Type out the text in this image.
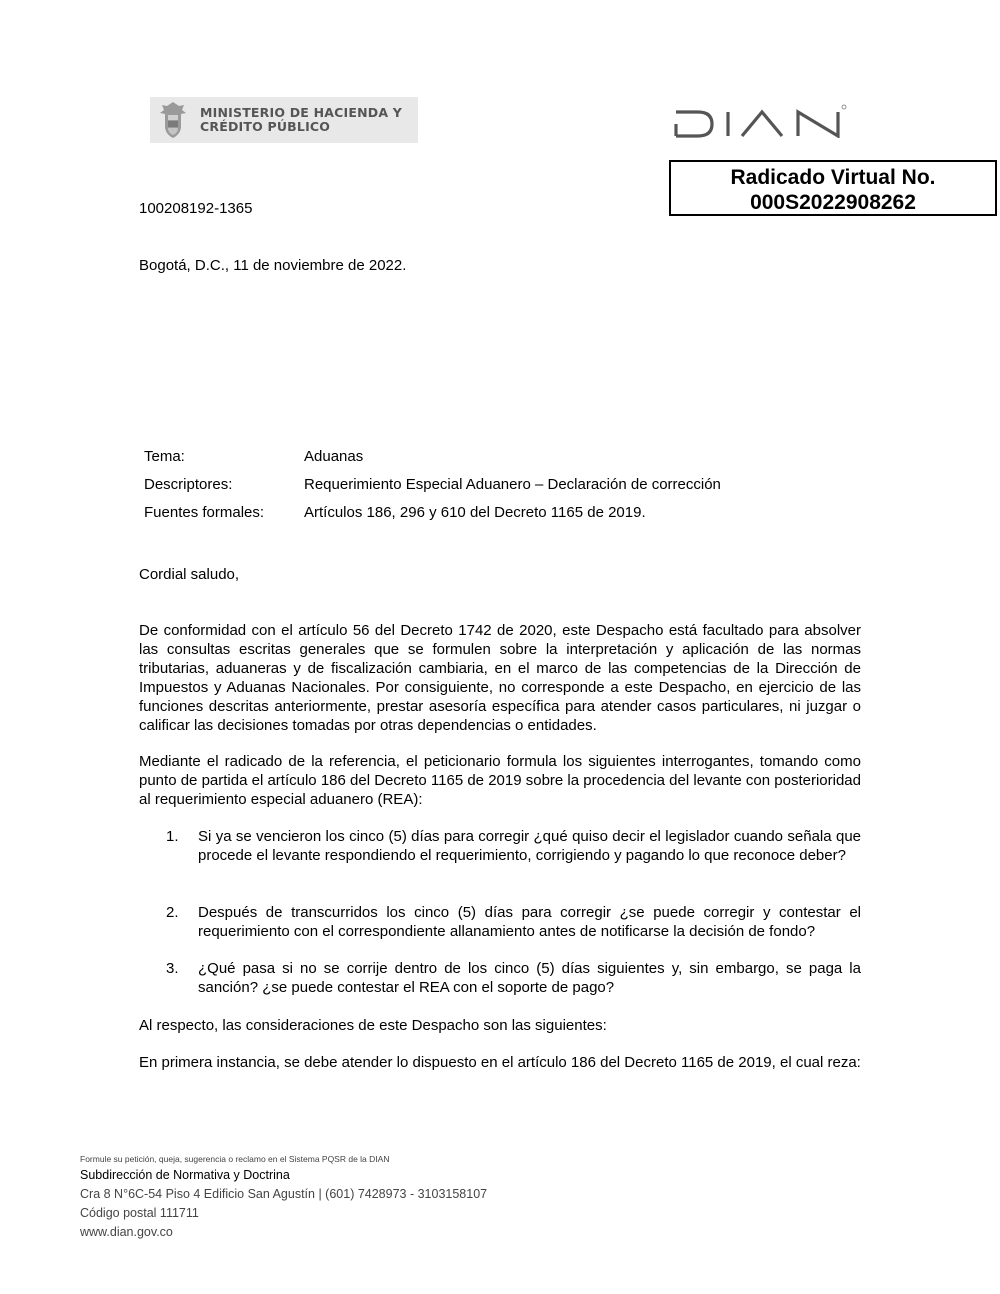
MINISTERIO DE HACIENDA Y
CRÉDITO PÚBLICO
Radicado Virtual No.
000S2022908262
100208192-1365
Bogotá, D.C., 11 de noviembre de 2022.
Tema:	Aduanas
Descriptores:	Requerimiento Especial Aduanero – Declaración de corrección
Fuentes formales:	Artículos 186, 296 y 610 del Decreto 1165 de 2019.
Cordial saludo,
De conformidad con el artículo 56 del Decreto 1742 de 2020, este Despacho está facultado para absolver las consultas escritas generales que se formulen sobre la interpretación y aplicación de las normas tributarias, aduaneras y de fiscalización cambiaria, en el marco de las competencias de la Dirección de Impuestos y Aduanas Nacionales. Por consiguiente, no corresponde a este Despacho, en ejercicio de las funciones descritas anteriormente, prestar asesoría específica para atender casos particulares, ni juzgar o calificar las decisiones tomadas por otras dependencias o entidades.
Mediante el radicado de la referencia, el peticionario formula los siguientes interrogantes, tomando como punto de partida el artículo 186 del Decreto 1165 de 2019 sobre la procedencia del levante con posterioridad al requerimiento especial aduanero (REA):
1. Si ya se vencieron los cinco (5) días para corregir ¿qué quiso decir el legislador cuando señala que procede el levante respondiendo el requerimiento, corrigiendo y pagando lo que reconoce deber?
2. Después de transcurridos los cinco (5) días para corregir ¿se puede corregir y contestar el requerimiento con el correspondiente allanamiento antes de notificarse la decisión de fondo?
3. ¿Qué pasa si no se corrije dentro de los cinco (5) días siguientes y, sin embargo, se paga la sanción? ¿se puede contestar el REA con el soporte de pago?
Al respecto, las consideraciones de este Despacho son las siguientes:
En primera instancia, se debe atender lo dispuesto en el artículo 186 del Decreto 1165 de 2019, el cual reza:
Formule su petición, queja, sugerencia o reclamo en el Sistema PQSR de la DIAN
Subdirección de Normativa y Doctrina
Cra 8 N°6C-54 Piso 4 Edificio San Agustín | (601) 7428973 - 3103158107
Código postal 111711
www.dian.gov.co
